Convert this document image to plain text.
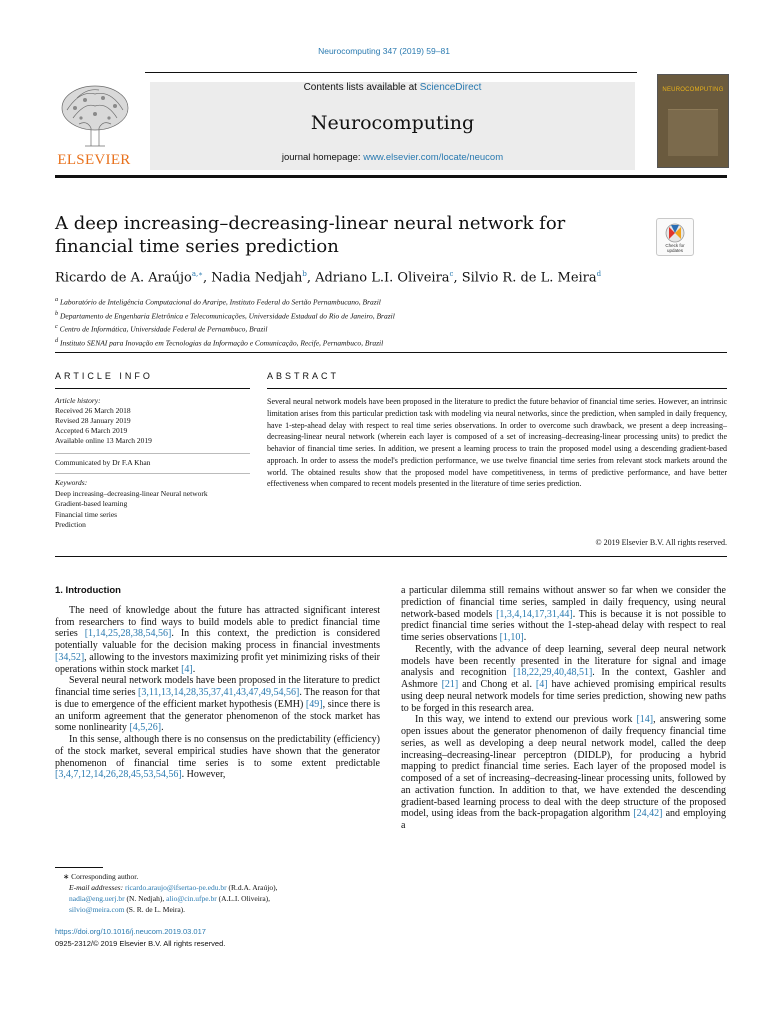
Neurocomputing 347 (2019) 59–81
ELSEVIER
Contents lists available at ScienceDirect
Neurocomputing
journal homepage: www.elsevier.com/locate/neucom
NEUROCOMPUTING
A deep increasing–decreasing-linear neural network for financial time series prediction	Check for updates
Ricardo de A. Araújo$^{a,∗}$, Nadia Nedjah$^b$, Adriano L.I. Oliveira$^c$, Silvio R. de L. Meira$^d$
$^a$ Laboratório de Inteligência Computacional do Araripe, Instituto Federal do Sertão Pernambucano, Brazil
$^b$ Departamento de Engenharia Eletrônica e Telecomunicações, Universidade Estadual do Rio de Janeiro, Brazil
$^c$ Centro de Informática, Universidade Federal de Pernambuco, Brazil
$^d$ Instituto SENAI para Inovação em Tecnologias da Informação e Comunicação, Recife, Pernambuco, Brazil
ARTICLE INFO	ABSTRACT
Article history:
Received 26 March 2018
Revised 28 January 2019
Accepted 6 March 2019
Available online 13 March 2019
Communicated by Dr F.A Khan
Keywords:
Deep increasing–decreasing-linear Neural network
Gradient-based learning
Financial time series
Prediction
Several neural network models have been proposed in the literature to predict the future behavior of financial time series. However, an intrinsic limitation arises from this particular prediction task with modeling via neural networks, since the prediction, when sampled in daily frequency, have 1-step-ahead delay with respect to real time series observations. In order to overcome such drawback, we present a deep increasing–decreasing-linear neural network (wherein each layer is composed of a set of increasing–decreasing-linear processing units) to predict the behavior of financial time series. In addition, we present a learning process to train the proposed model using a descending gradient-based approach. In order to assess the model's prediction performance, we use twelve financial time series from relevant stock markets around the world. The obtained results show that the proposed model have competitiveness, in terms of predictive performance, and have better effectiveness when compared to recent models presented in the literature of time series prediction.
© 2019 Elsevier B.V. All rights reserved.
1. Introduction

The need of knowledge about the future has attracted significant interest from researchers to find ways to build models able to predict financial time series [1,14,25,28,38,54,56]. In this context, the prediction is considered potentially valuable for the decision making process in financial investments [34,52], allowing to the investors maximizing profit yet minimizing risks of their operations within stock market [4].

Several neural network models have been proposed in the literature to predict financial time series [3,11,13,14,28,35,37,41,43,47,49,54,56]. The reason for that is due to emergence of the efficient market hypothesis (EMH) [49], since there is an uniform agreement that the generator phenomenon of the stock market has some nonlinearity [4,5,26].

In this sense, although there is no consensus on the predictability (efficiency) of the stock market, several empirical studies have shown that the generator phenomenon of financial time series is to some extent predictable [3,4,7,12,14,26,28,45,53,54,56]. However,

a particular dilemma still remains without answer so far when we consider the prediction of financial time series, sampled in daily frequency, using neural network-based models [1,3,4,14,17,31,44]. This is because it is not possible to predict financial time series without the 1-step-ahead delay with respect to real time series observations [1,10].

Recently, with the advance of deep learning, several deep neural network models have been recently presented in the literature for signal and image analysis and recognition [18,22,29,40,48,51]. In the context, Gashler and Ashmore [21] and Chong et al. [4] have achieved promising empirical results using deep neural network models for time series prediction, showing new paths to be forged in this research area.

In this way, we intend to extend our previous work [14], answering some open issues about the generator phenomenon of daily frequency financial time series, as well as developing a deep neural network model, called the deep increasing–decreasing-linear perceptron (DIDLP), for producing a hybrid mapping to predict financial time series. Each layer of the proposed model is composed of a set of increasing–decreasing-linear processing units, followed by an activation function. In addition to that, we have extended the descending gradient-based learning process to deal with the deep structure of the proposed model, using ideas from the back-propagation algorithm [24,42] and employing a

∗ Corresponding author.
E-mail addresses: ricardo.araujo@ifsertao-pe.edu.br (R.d.A. Araújo),
nadia@eng.uerj.br (N. Nedjah), alio@cin.ufpe.br (A.L.I. Oliveira),
silvio@meira.com (S. R. de L. Meira).
https://doi.org/10.1016/j.neucom.2019.03.017
0925-2312/© 2019 Elsevier B.V. All rights reserved.
